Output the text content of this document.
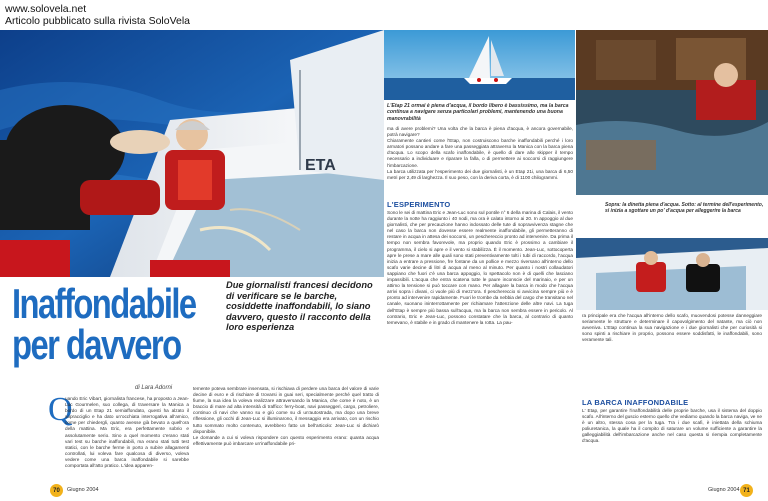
www.solovela.net
Articolo pubblicato sulla rivista SoloVela
ETA
L'Etap 21 ormai è piena d'acqua, il bordo libero è bassissimo, ma la barca continua a navigare senza particolari problemi, mantenendo una buona manovrabilità

ma di avere problemi? Una volta che la barca è piena d'acqua, è ancora governabile, potrà navigare?
Chiaramente cantieri come l'Etap, non costruiscono barche inaffondabili perché i loro armatori possano andare a fare una passeggiata attraverso la Manica con la barca piena d'acqua. Lo scopo della scafo inaffondabile, è quello di dare allo skipper il tempo necessario a individuare e riparare la falla, o di permettere ai soccorsi di raggiungere l'imbarcazione.
La barca utilizzata per l'esperimento dei due giornalisti, è un Etap 21i, una barca di 6,50 metri per 2,49 di larghezza. Il suo peso, con la deriva corta, è di 1100 chilogrammi.

Sopra: la dinetta piena d'acqua. Sotto: al termine dell'esperimento, si inizia a sgottare un po' d'acqua per alleggerire la barca
L'ESPERIMENTO

Sono le sei di mattina Eric e Jean-Luc sono sul pontile n° 6 della marina di Calais, il vento durante la notte ha raggiunto i 40 nodi, ma ora è calato intorno ai 20. In appoggio al due giornalisti, che per precauzione hanno indossato delle tute di sopravvivenza stagne che nel caso la barca non dovesse essere realmente inaffondabile, gli permetteranno di restare in acqua in attesa dei soccorsi, un peschereccio pronto ad intervenire. Da prima il tempo non sembra favorevole, ma proprio quando Eric è prossimo a cambiare il programma, il cielo si apre e il vento si stabilizza. È il momento. Jean-Luc, sottocoperta apre le prese a mare alle quali sono stati preventivamente tolti i tubi di raccordo, l'acqua inizia a entrare a pressione, fre fontane da un pollice e mezzo riversano all'interno dello scafo varie decine di litri di acqua al meno al minuto. Per quanto i nostri collaudatori sappiano che fuori c'è una barca appoggio, lo spettacolo non è di quelli che lasciano impassibili. L'acqua che entra scatena tutte le paure inconscie del marinaio, e per un attimo la tensione si può toccare con mano. Per allagare la barca in modo che l'acqua arrivi sopra i divani, ci vuole più di mezz'ora. Il peschereccio si avvicina sempre più e è pronto ad intervenire rapidamente. Fuori le trombe da nebbia del cargo che transitano nel canale, suonano ininterrottamente per richiamare l'attenzione delle altre navi. La tuga dell'Etap è sempre più bassa sull'acqua, ma la barca non sembra essere in pericolo. Al contrario, Eric e Jean-Luc, possono constatare che la barca, al contrario di quanto temevano, è stabile e in grado di mantenere la rotta. La pau-

ra principale era che l'acqua all'interno dello scafo, muovendosi potesse danneggiare seriamente le strutture e determinare il capovolgimento del natante, ma ciò non avveniva. L'Etap continua la sua navigazione e i due giornalisti che per curiosità si sono spinti a rischiare in proprio, possono essere soddisfatti, le inaffondabili, sono veramente tali.

LA BARCA INAFFONDABILE

L' Etap, per garantire l'inaffondabilità delle proprie barche, usa il sistema del doppio scafo. All'interno del guscio esterno quello che vediamo quando la barca naviga, ve ne è un altro, stessa cosa per la tuga. Tra i due scafi, è iniettata della schiuma poliuretanica, la quale ha il compito di saturare un volume sufficiente a garantire la galleggiabilità dell'imbarcazione anche nel caso questa si riempia completamente d'acqua.

Inaffondabile
per davvero
Due giornalisti francesi decidono di verificare se le barche, cosiddette inaffondabili, lo siano davvero, questo il racconto della loro esperienza
di Lara Adorni
Q

uando Eric Vibart, giornalista francese, ha proposto a Jean-Luc Gourmelen, suo collega, di traversare la Manica a bordo di un Etap 21 semiaffondato, questi ha alzato il sopracciglio e ha dato un'occhiata interrogativa all'amico, come per chiedergli, quanto avesse già bevuto a quell'ora della mattina. Ma Eric, era perfettamente sobrio e assolutamente serio. Sino a quel momento c'erano stati vari test su barche inaffondabili, ma erano stati tutti test statici, con le barche ferme in porto a subire allagamenti controllati, lui voleva fare qualcosa di diverso, voleva vedere come una barca inaffondabile si sarebbe comportata all'atto pratico. L'idea apparen-

temente poteva sembrare insensata, si rischiava di perdere una barca del valore di varie decine di euro e di rischiare di trovarsi in guai seri, specialmente perché quel tratto di fiume, la sua idea la voleva realizzare attraversando la Manica, che come è noto, è un braccio di mare ad alta intensità di traffico: ferry-boat, navi passeggeri, cargo, petroliere, continuo di navi che vanno su e giù come su di un'autostrada, ma dopo una breve riflessione, gli occhi di Jean-Luc si illuminarono, il messaggio era arrivato, con un rischio tutto sommato molto contenuto, avrebbero fatto un bell'articolo: Jean-Luc si dichiarò disponibile.
Le domande a cui si voleva rispondere con questo esperimento erano: quanta acqua effettivamente può imbarcare un'inaffondabile pri-

70	Giugno 2004	Giugno 2004 71
